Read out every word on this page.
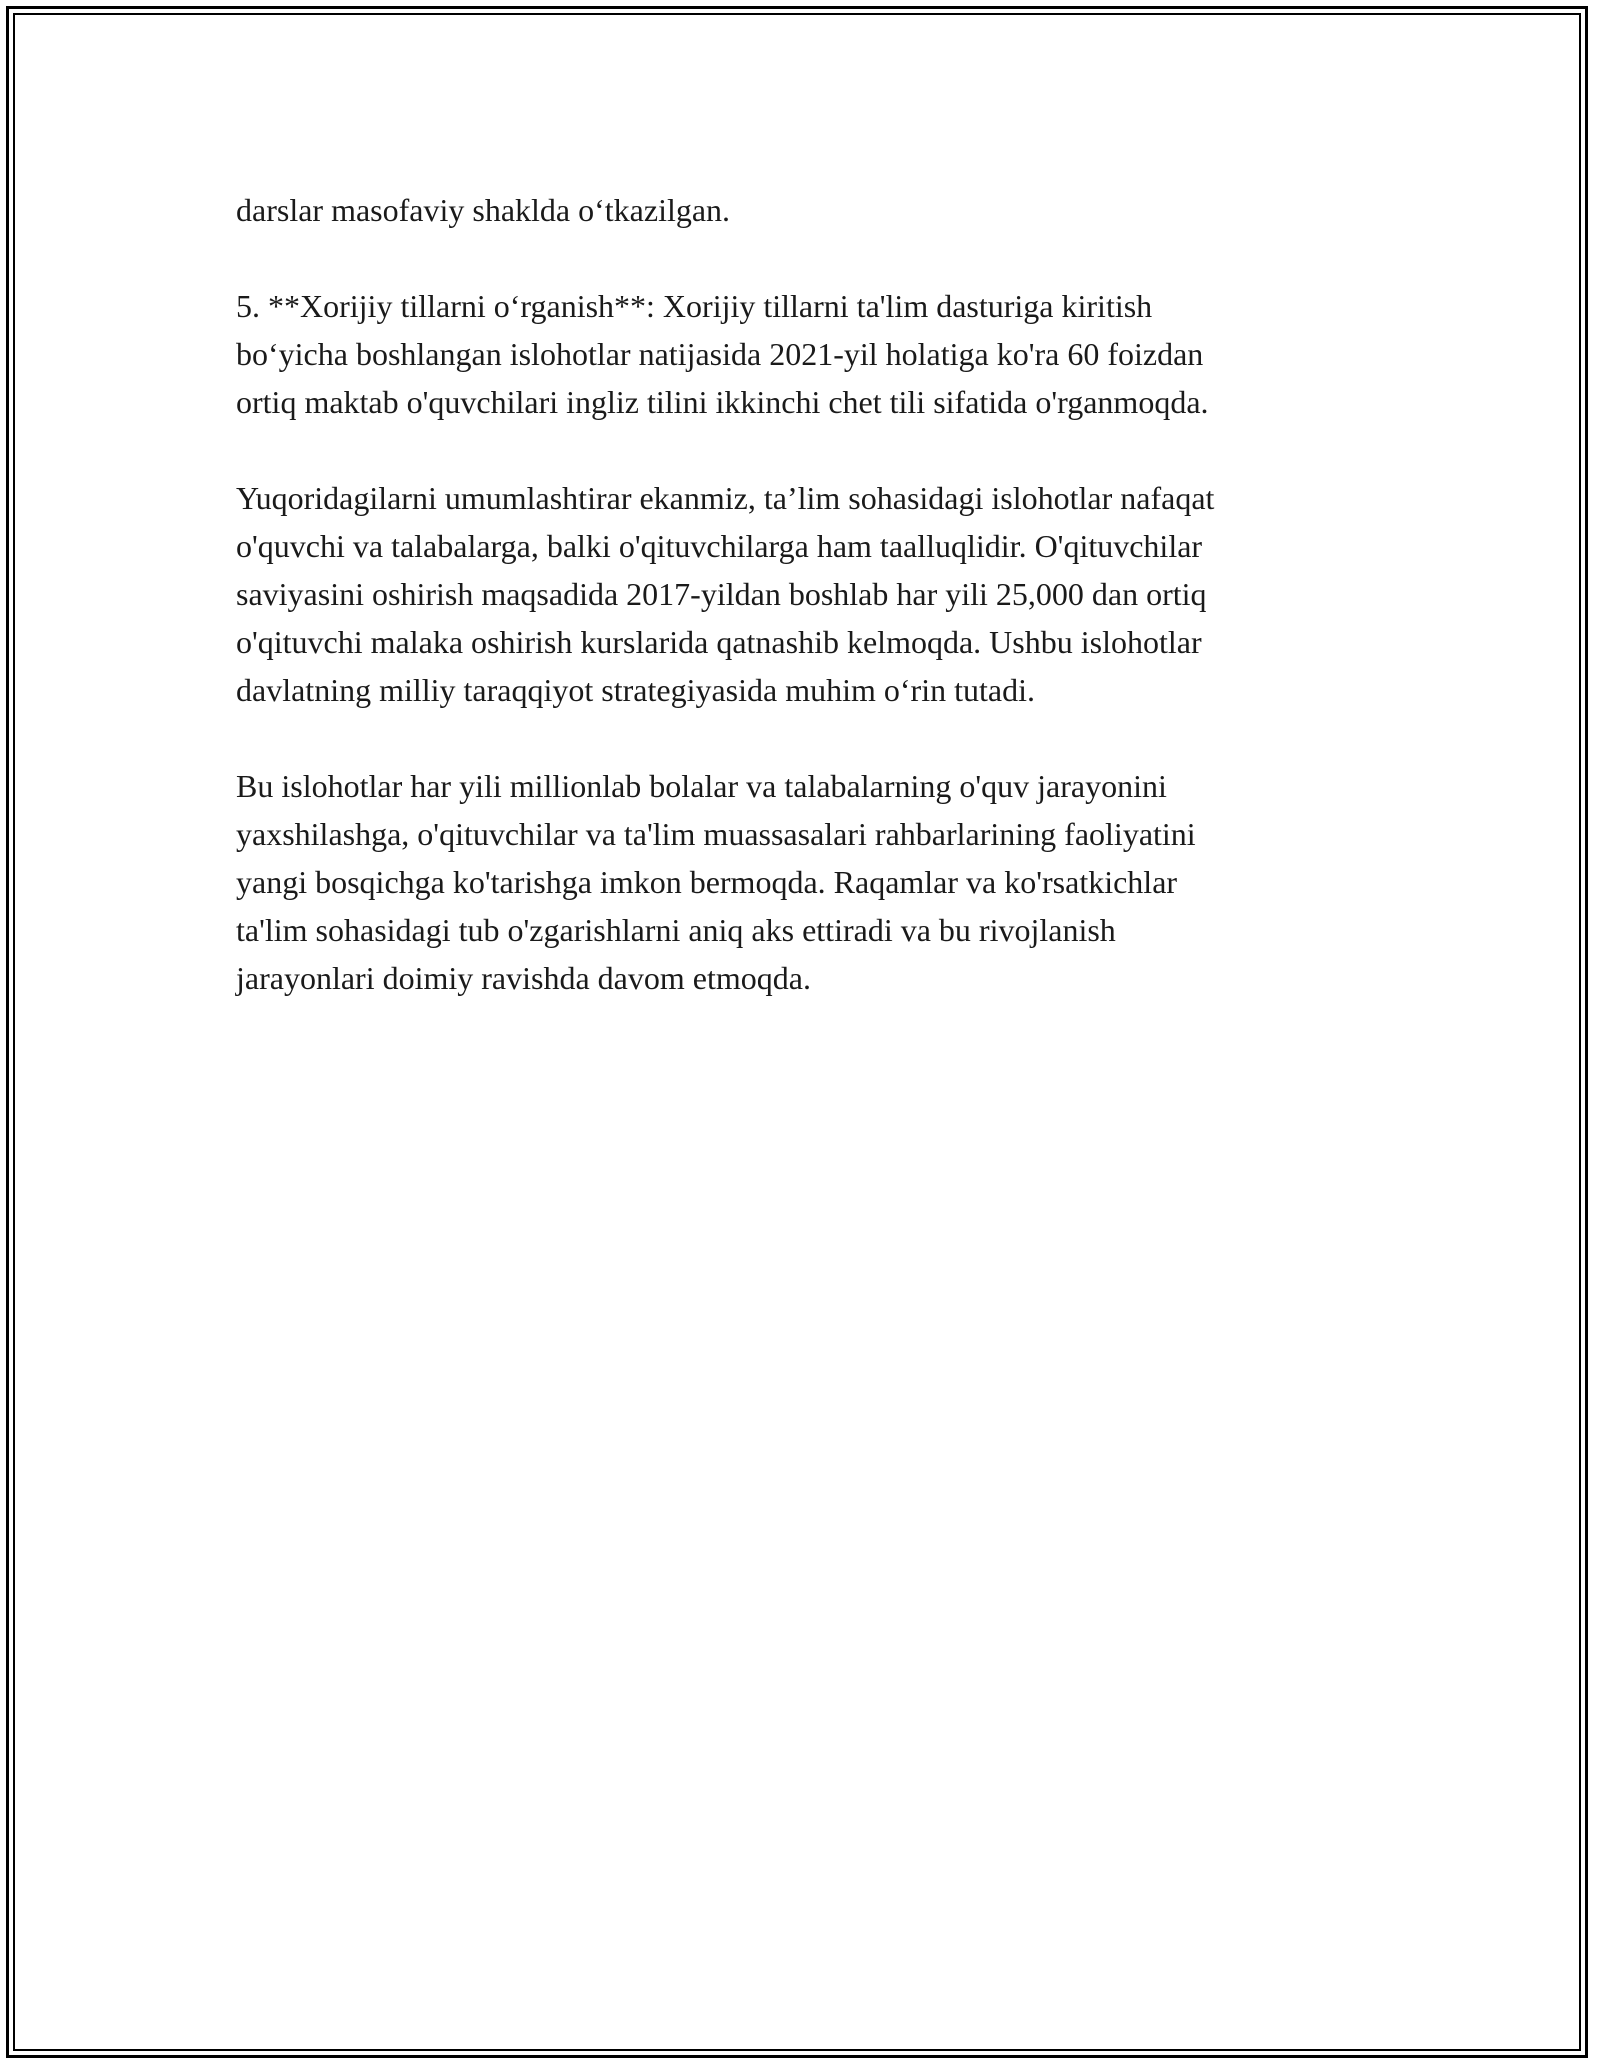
darslar masofaviy shaklda o‘tkazilgan.

5. **Xorijiy tillarni o‘rganish**: Xorijiy tillarni ta'lim dasturiga kiritish
bo‘yicha boshlangan islohotlar natijasida 2021-yil holatiga ko'ra 60 foizdan
ortiq maktab o'quvchilari ingliz tilini ikkinchi chet tili sifatida o'rganmoqda.

Yuqoridagilarni umumlashtirar ekanmiz, ta’lim sohasidagi islohotlar nafaqat
o'quvchi va talabalarga, balki o'qituvchilarga ham taalluqlidir. O'qituvchilar
saviyasini oshirish maqsadida 2017-yildan boshlab har yili 25,000 dan ortiq
o'qituvchi malaka oshirish kurslarida qatnashib kelmoqda. Ushbu islohotlar
davlatning milliy taraqqiyot strategiyasida muhim o‘rin tutadi.

Bu islohotlar har yili millionlab bolalar va talabalarning o'quv jarayonini
yaxshilashga, o'qituvchilar va ta'lim muassasalari rahbarlarining faoliyatini
yangi bosqichga ko'tarishga imkon bermoqda. Raqamlar va ko'rsatkichlar
ta'lim sohasidagi tub o'zgarishlarni aniq aks ettiradi va bu rivojlanish
jarayonlari doimiy ravishda davom etmoqda.
